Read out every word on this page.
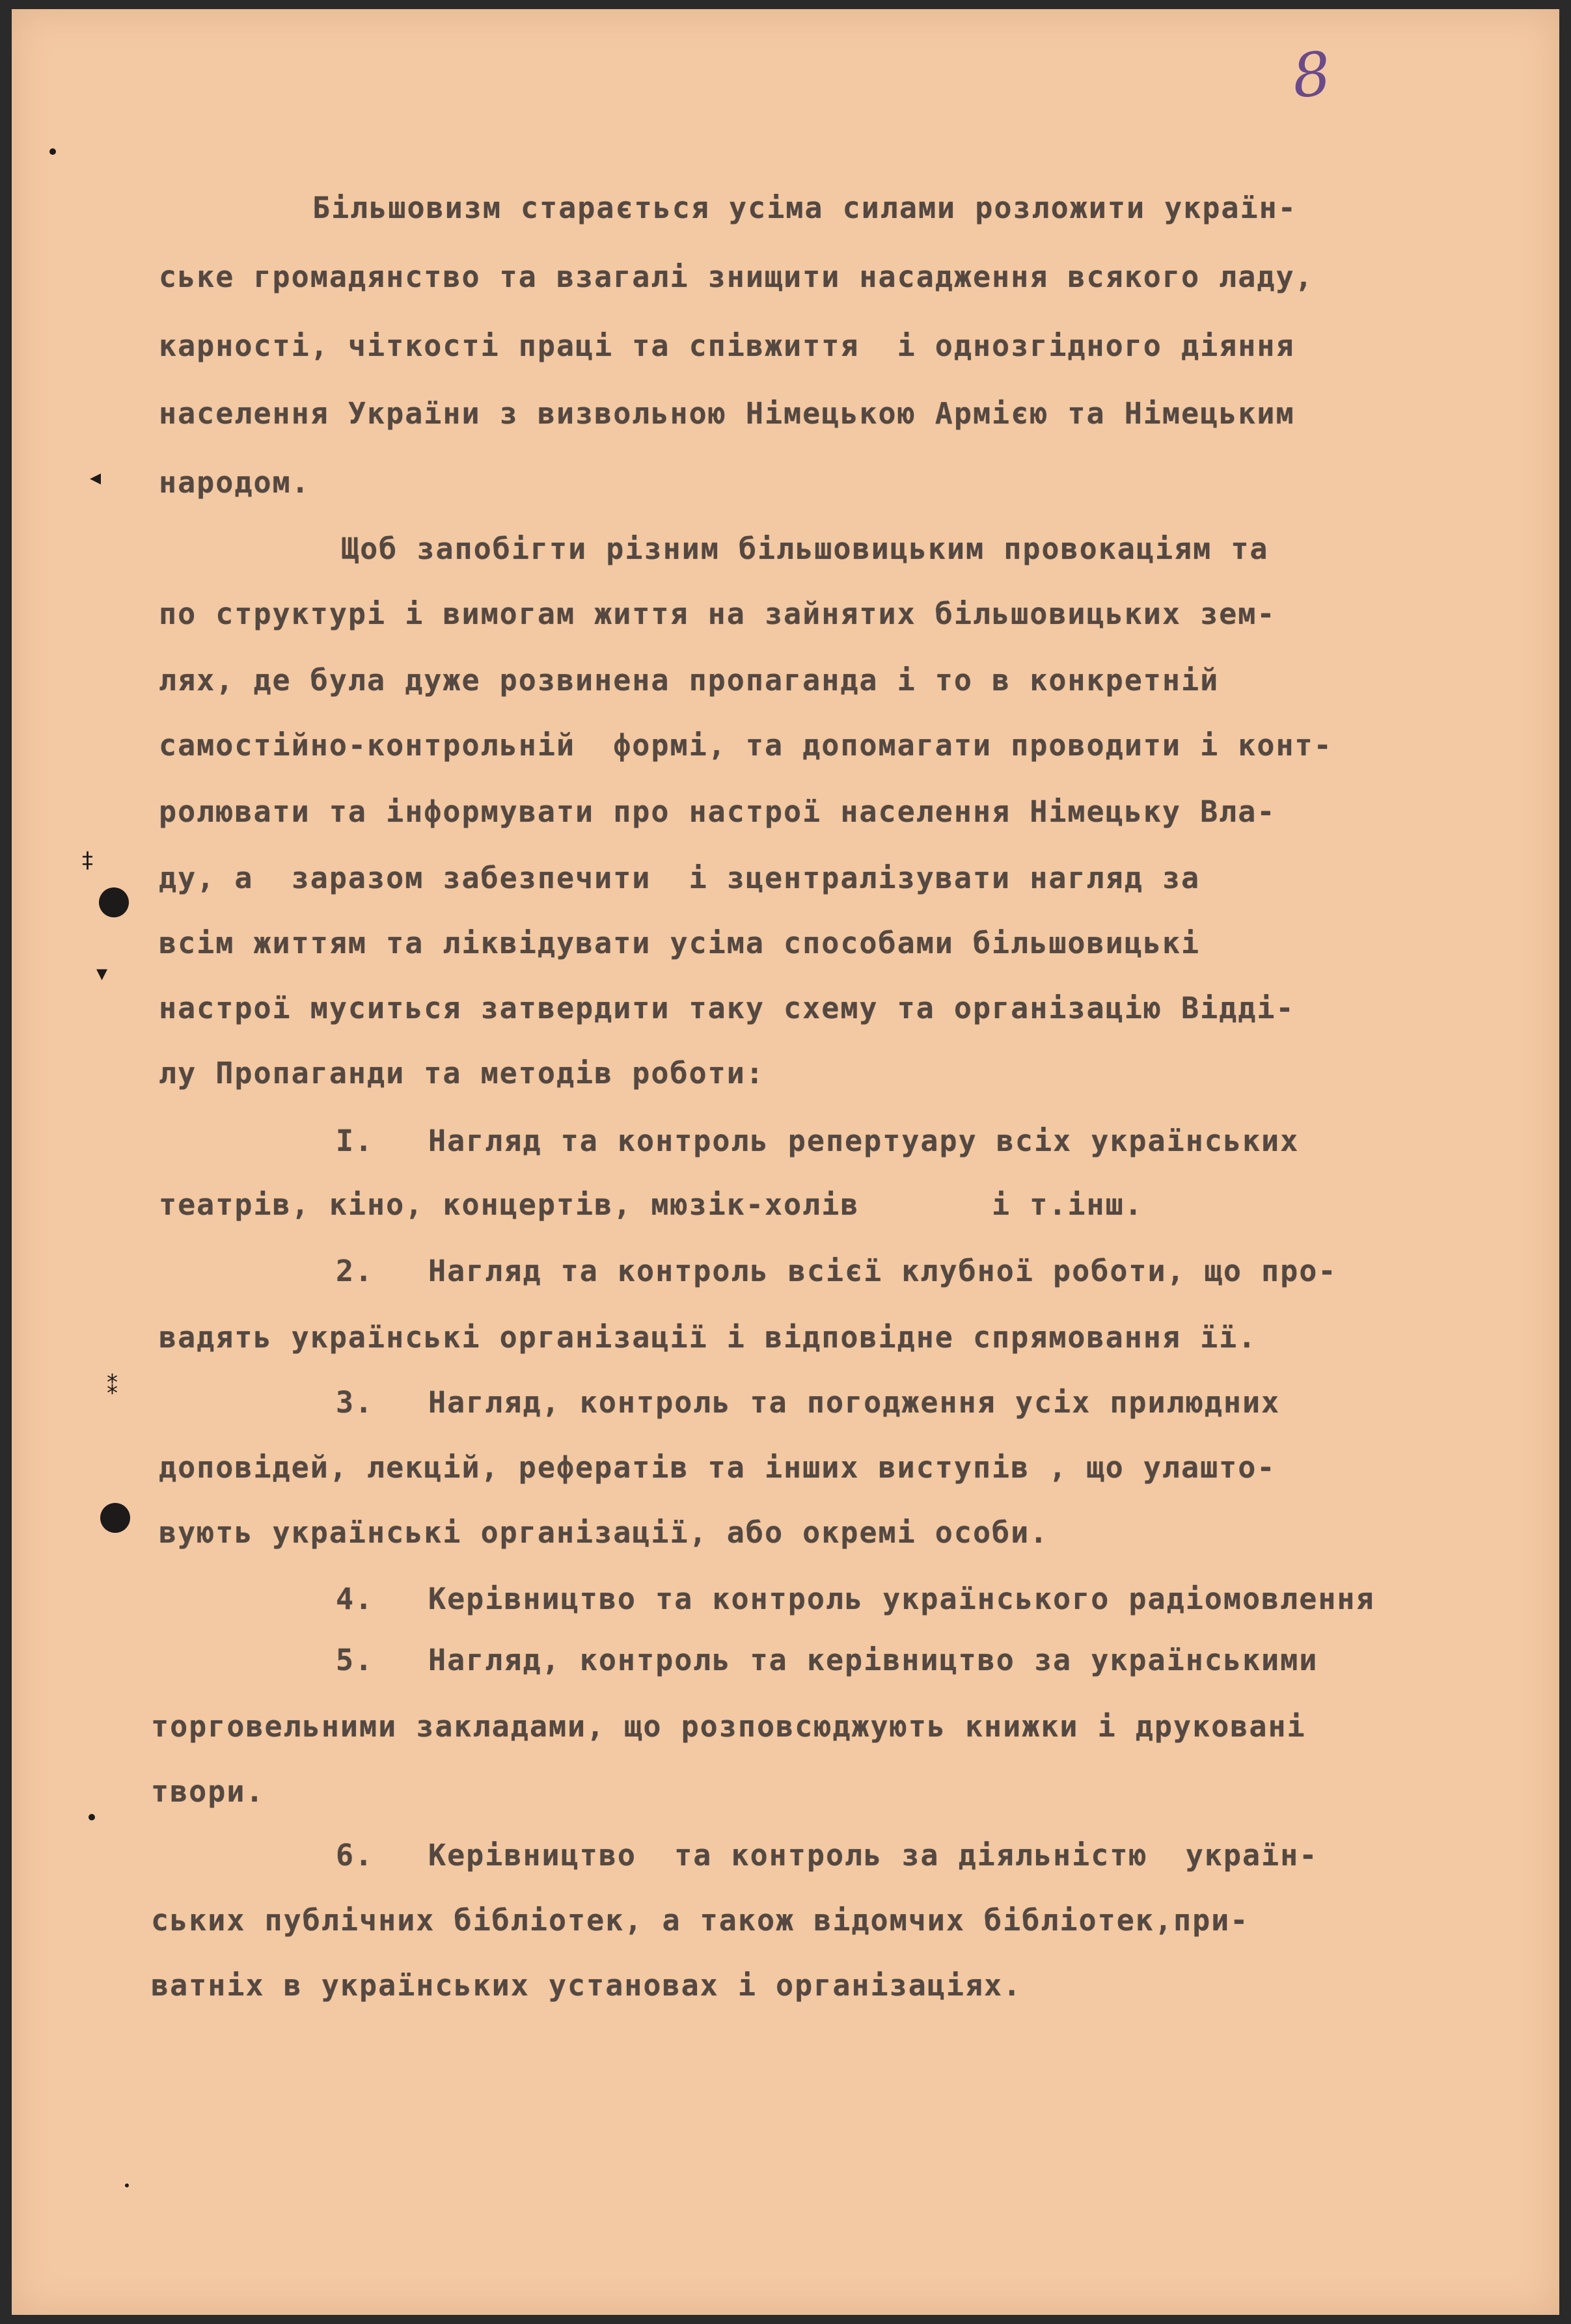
8
◂
‡
▾
⁑
Більшовизм старається усіма силами розложити україн-
ське громадянство та взагалі знищити насадження всякого ладу,
карності, чіткості праці та співжиття  і однозгідного діяння
населення України з визвольною Німецькою Армією та Німецьким
народом.
Щоб запобігти різним більшовицьким провокаціям та
по структурі і вимогам життя на зайнятих більшовицьких зем-
лях, де була дуже розвинена пропаганда і то в конкретній
самостійно-контрольній  формі, та допомагати проводити і конт-
ролювати та інформувати про настрої населення Німецьку Вла-
ду, а  заразом забезпечити  і зцентралізувати нагляд за
всім життям та ліквідувати усіма способами більшовицькі
настрої муситься затвердити таку схему та організацію Відді-
лу Пропаганди та методів роботи:
I. Нагляд та контроль репертуару всіх українських
театрів, кіно, концертів, мюзік-холів       і т.інш.
2. Нагляд та контроль всієї клубної роботи, що про-
вадять українські організації і відповідне спрямовання її.
3. Нагляд, контроль та погодження усіх прилюдних
доповідей, лекцій, рефератів та інших виступів , що улашто-
вують українські організації, або окремі особи.
4. Керівництво та контроль українського радіомовлення
5. Нагляд, контроль та керівництво за українськими
торговельними закладами, що розповсюджують книжки і друковані
твори.
6. Керівництво  та контроль за діяльністю  україн-
ських публічних бібліотек, а також відомчих бібліотек,при-
ватніх в українських установах і організаціях.
